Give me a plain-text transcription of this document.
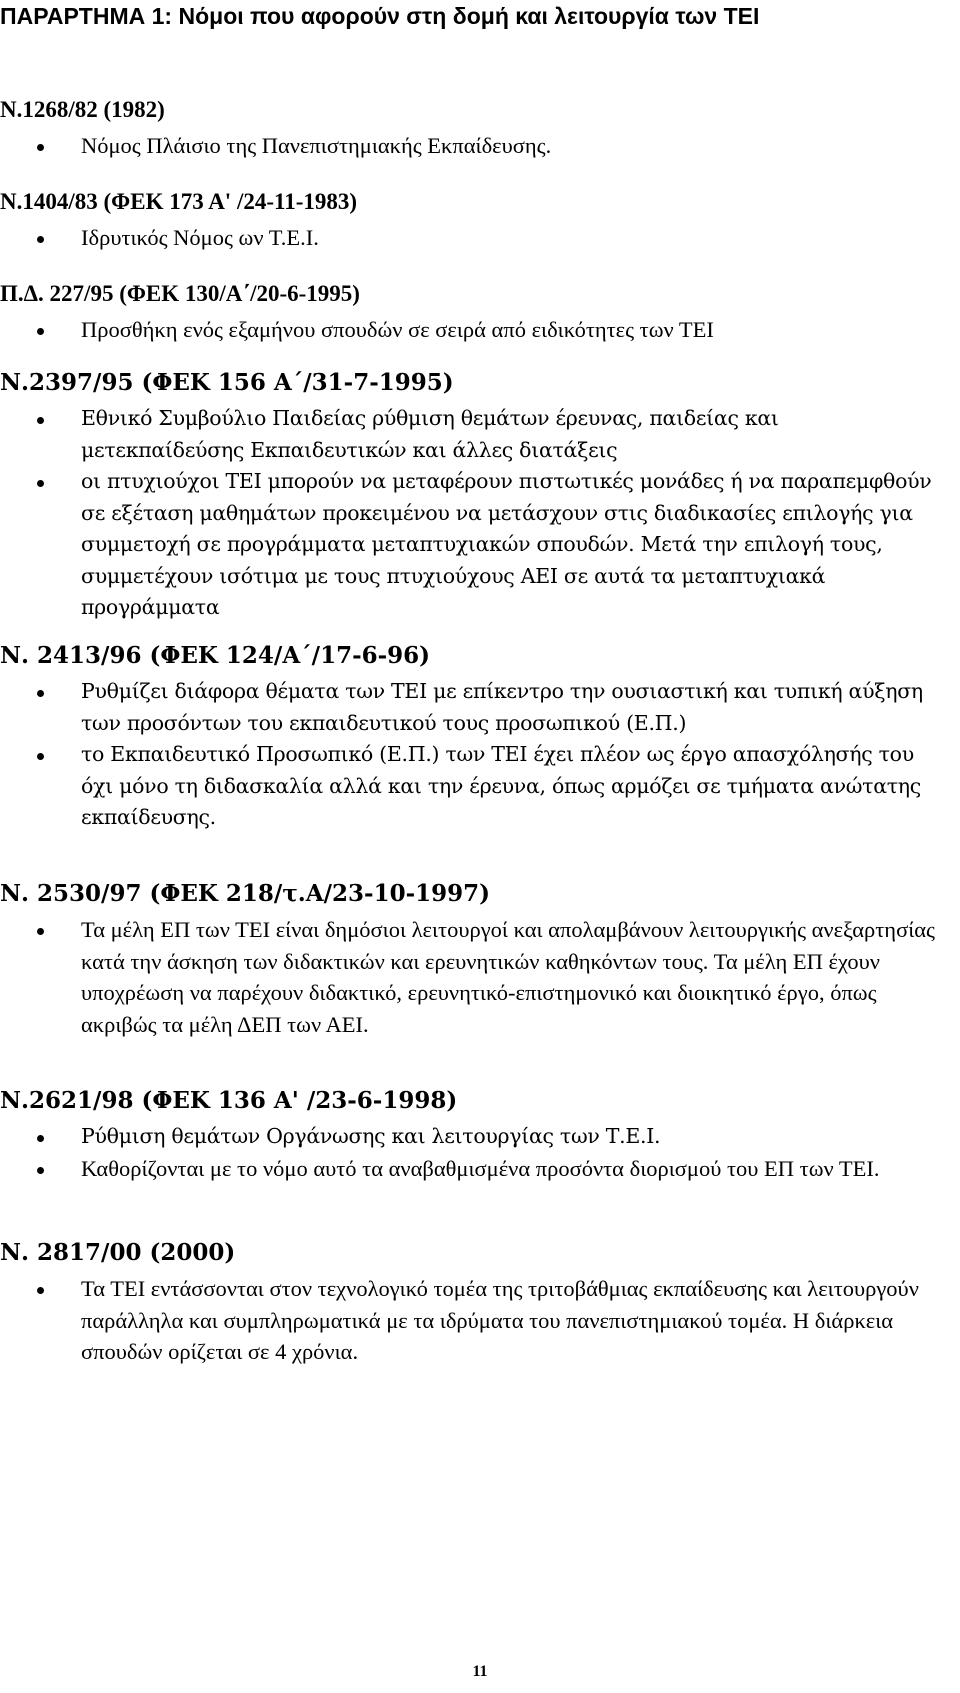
ΠΑΡΑΡΤΗΜΑ 1: Νόμοι που αφορούν στη δομή και λειτουργία των ΤΕΙ
Ν.1268/82 (1982)
Νόμος Πλάισιο της Πανεπιστημιακής Εκπαίδευσης.
Ν.1404/83 (ΦΕΚ 173 Α' /24-11-1983)
Ιδρυτικός Νόμος ων Τ.Ε.Ι.
Π.Δ. 227/95 (ΦΕΚ 130/Α΄/20-6-1995)
Προσθήκη ενός εξαμήνου σπουδών σε σειρά από ειδικότητες των ΤΕΙ
Ν.2397/95 (ΦΕΚ 156 Α΄/31-7-1995)
Εθνικό Συμβούλιο Παιδείας ρύθμιση θεμάτων έρευνας, παιδείας και μετεκπαίδεύσης Εκπαιδευτικών και άλλες διατάξεις
οι πτυχιούχοι ΤΕΙ μπορούν να μεταφέρουν πιστωτικές μονάδες ή να παραπεμφθούν σε εξέταση μαθημάτων προκειμένου να μετάσχουν στις διαδικασίες επιλογής για συμμετοχή σε προγράμματα μεταπτυχιακών σπουδών. Μετά την επιλογή τους, συμμετέχουν ισότιμα με τους πτυχιούχους ΑΕΙ σε αυτά τα μεταπτυχιακά προγράμματα
Ν. 2413/96 (ΦΕΚ 124/Α΄/17-6-96)
Ρυθμίζει διάφορα θέματα των ΤΕΙ με επίκεντρο την ουσιαστική και τυπική αύξηση των προσόντων του εκπαιδευτικού τους προσωπικού (Ε.Π.)
το Εκπαιδευτικό Προσωπικό (Ε.Π.) των ΤΕΙ έχει πλέον ως έργο απασχόλησής του όχι μόνο τη διδασκαλία αλλά και την έρευνα, όπως αρμόζει σε τμήματα ανώτατης εκπαίδευσης.
Ν. 2530/97 (ΦΕΚ 218/τ.Α/23-10-1997)
Τα μέλη ΕΠ των ΤΕΙ είναι δημόσιοι λειτουργοί και απολαμβάνουν λειτουργικής ανεξαρτησίας κατά την άσκηση των διδακτικών και ερευνητικών καθηκόντων τους. Τα μέλη ΕΠ έχουν υποχρέωση να παρέχουν διδακτικό, ερευνητικό-επιστημονικό και διοικητικό έργο, όπως ακριβώς τα μέλη ΔΕΠ των ΑΕΙ.
Ν.2621/98 (ΦΕΚ 136 Α' /23-6-1998)
Ρύθμιση θεμάτων Οργάνωσης και λειτουργίας των Τ.Ε.Ι.
Καθορίζονται με το νόμο αυτό τα αναβαθμισμένα προσόντα διορισμού του ΕΠ των ΤΕΙ.
Ν. 2817/00 (2000)
Τα ΤΕΙ εντάσσονται στον τεχνολογικό τομέα της τριτοβάθμιας εκπαίδευσης και λειτουργούν παράλληλα και συμπληρωματικά με τα ιδρύματα του πανεπιστημιακού τομέα. Η διάρκεια σπουδών ορίζεται σε 4 χρόνια.
11
